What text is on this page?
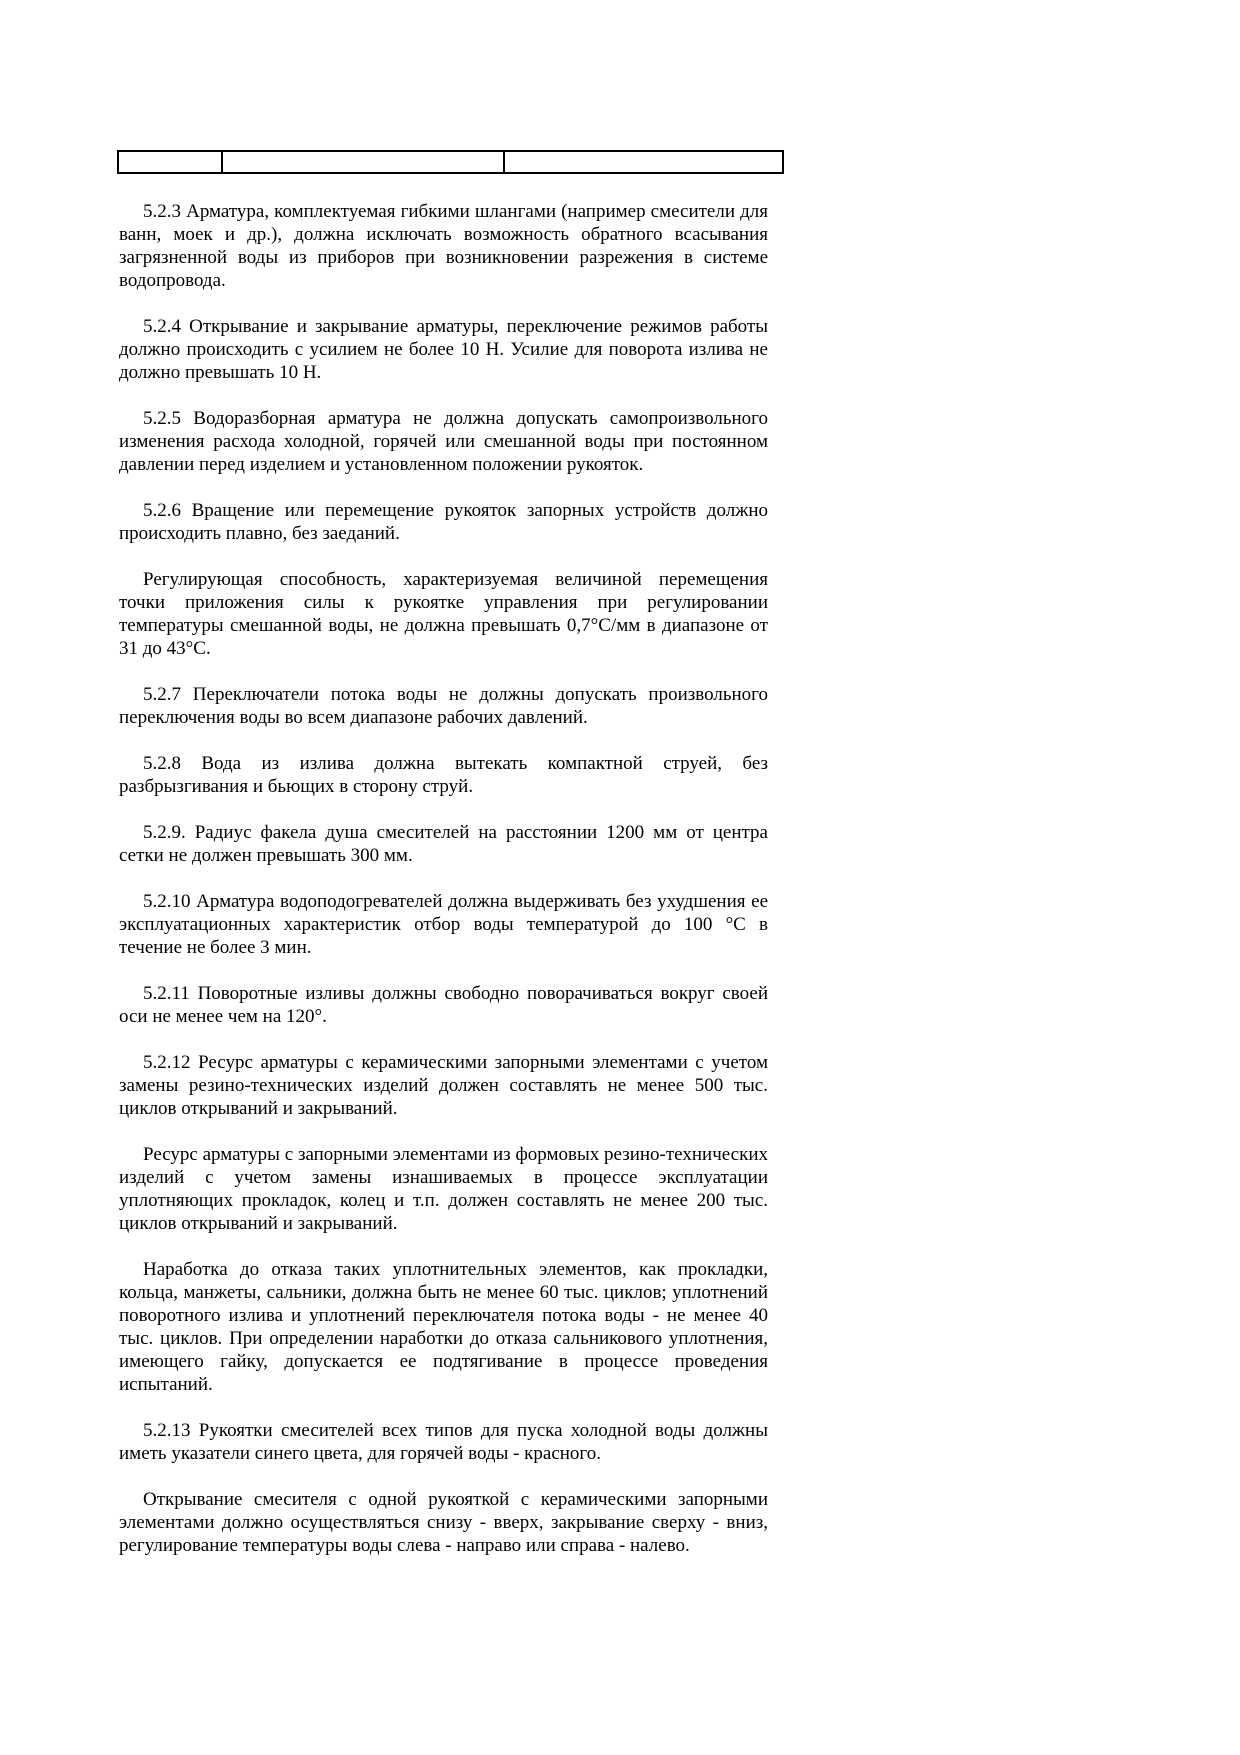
5.2.3 Арматура, комплектуемая гибкими шлангами (например смесители для ванн, моек и др.), должна исключать возможность обратного всасывания загрязненной воды из приборов при возникновении разрежения в системе водопровода.

5.2.4 Открывание и закрывание арматуры, переключение режимов работы должно происходить с усилием не более 10 Н. Усилие для поворота излива не должно превышать 10 Н.

5.2.5 Водоразборная арматура не должна допускать самопроизвольного изменения расхода холодной, горячей или смешанной воды при постоянном давлении перед изделием и установленном положении рукояток.

5.2.6 Вращение или перемещение рукояток запорных устройств должно происходить плавно, без заеданий.

Регулирующая способность, характеризуемая величиной перемещения точки приложения силы к рукоятке управления при регулировании температуры смешанной воды, не должна превышать 0,7°С/мм в диапазоне от 31 до 43°С.

5.2.7 Переключатели потока воды не должны допускать произвольного переключения воды во всем диапазоне рабочих давлений.

5.2.8 Вода из излива должна вытекать компактной струей, без разбрызгивания и бьющих в сторону струй.

5.2.9. Радиус факела душа смесителей на расстоянии 1200 мм от центра сетки не должен превышать 300 мм.

5.2.10 Арматура водоподогревателей должна выдерживать без ухудшения ее эксплуатационных характеристик отбор воды температурой до 100 °С в течение не более 3 мин.

5.2.11 Поворотные изливы должны свободно поворачиваться вокруг своей оси не менее чем на 120°.

5.2.12 Ресурс арматуры с керамическими запорными элементами с учетом замены резино-технических изделий должен составлять не менее 500 тыс. циклов открываний и закрываний.

Ресурс арматуры с запорными элементами из формовых резино-технических изделий с учетом замены изнашиваемых в процессе эксплуатации уплотняющих прокладок, колец и т.п. должен составлять не менее 200 тыс. циклов открываний и закрываний.

Наработка до отказа таких уплотнительных элементов, как прокладки, кольца, манжеты, сальники, должна быть не менее 60 тыс. циклов; уплотнений поворотного излива и уплотнений переключателя потока воды - не менее 40 тыс. циклов. При определении наработки до отказа сальникового уплотнения, имеющего гайку, допускается ее подтягивание в процессе проведения испытаний.

5.2.13 Рукоятки смесителей всех типов для пуска холодной воды должны иметь указатели синего цвета, для горячей воды - красного.

Открывание смесителя с одной рукояткой с керамическими запорными элементами должно осуществляться снизу - вверх, закрывание сверху - вниз, регулирование температуры воды слева - направо или справа - налево.
